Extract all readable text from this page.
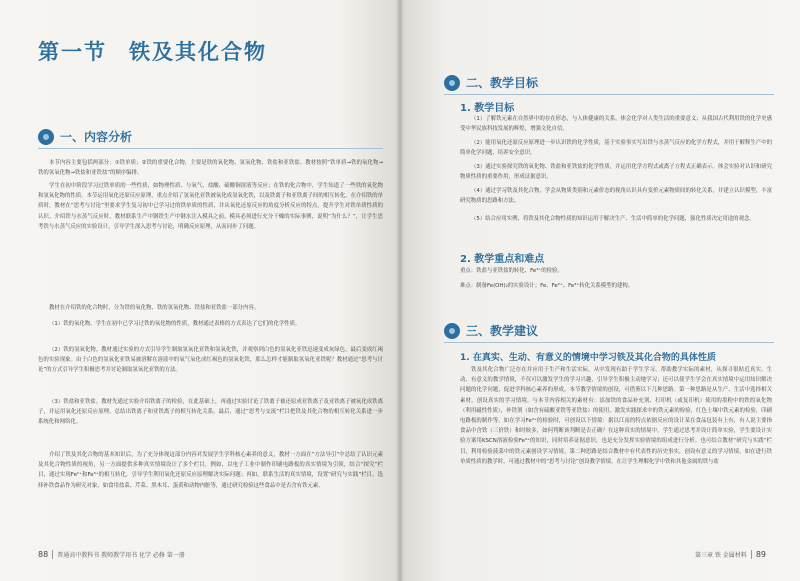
第一节 铁及其化合物
一、内容分析

本节内容主要包括两部分：①铁单质；②铁的重要化合物，主要是铁的氧化物、氢氧化物、铁盐和亚铁盐。教材按照“铁单质→铁的氧化物→铁的氢氧化物→铁盐和亚铁盐”的顺序编排。

学生在初中阶段学习过铁单质的一些性质，如物理性质、与氧气、盐酸、硫酸铜溶液等反应；在铁的化合物中，学生知道了一些铁的氧化物和氢氧化物的性质。本节运用氧化还原反应原理，重点介绍了氢氧化亚铁被氧化成氢氧化铁，以及铁离子和亚铁离子间的相互转化。在介绍铁的单质时，教材在“思考与讨论”里要求学生复习初中已学习过的铁单质的性质，并从氧化还原反应的角度分析反应的特点，提升学生对铁单质性质的认识。介绍铁与水蒸气反应时，教材联系生产中钢铁生产中钢水注入模具之前，模具必须进行充分干燥的实际事例，说明“为什么？”，让学生思考铁与水蒸气反应的实验设计，引导学生深入思考与讨论，明确反应原理，从而同步了问题。

教材在介绍铁的化合物时，分为铁的氧化物、铁的氢氧化物、铁盐和亚铁盐一部分内容。

（1）铁的氧化物。学生在初中已学习过铁的氧化物的性质，教材通过表格的方式表达了它们的化学性质。

（2）铁的氢氧化物。教材通过实验的方式引导学生制取氢氧化亚铁和氢氧化铁，并观察到白色的氢氧化亚铁迅速变成灰绿色，最后变成红褐色的实验现象。由于白色的氢氧化亚铁易被溶解在溶液中的氧气氧化成红褐色的氢氧化铁，那么怎样才能制取氢氧化亚铁呢？教材通过“思考与讨论”的方式引导学生积极思考并讨论制取氢氧化亚铁的方法。

（3）铁盐和亚铁盐。教材先通过实验介绍铁离子的检验，在此基础上，再通过实验讨论了铁离子被还原成亚铁离子及亚铁离子被氧化成铁离子，并运用氧化还原反应原理，总结出铁离子和亚铁离子的相互转化关系。最后，通过“思考与交流”栏目把铁及其化合物的相互转化关系进一步系统化和网络化。

介绍了铁及其化合物的基本知识后，为了充分体现这部分内容对发展学生学科核心素养的意义，教材一方面在“方法导引”中总结了认识元素及其化合物性质的视角，另一方面提供多种真实情境设计了多个栏目，例如，以电子工业中制作印刷电路板的真实情境为引领，结合“探究”栏目，通过实现Fe²⁺和Fe³⁺的相互转化，引导学生利用氧化还原反应原理解决实际问题；再如，联系生活的真实情境，设置“研究与实践”栏目，选择补铁食品作为研究对象，如食用盐菜、芹菜、黑木耳、蛋黄和动物内脏等，通过研究检验这些食品中是否含有铁元素。

88 普通高中教科书 教师教学用书 化学 必修 第一册
二、教学目标
1. 教学目标

（1）了解铁元素在自然界中的存在形态，与人体健康的关系，体会化学对人类生活的重要意义；从我国古代利用铁的化学史感受中华民族科技发展的辉煌，增强文化自信。

（2）能用氧化还原反应原理进一步认识铁的化学性质，基于实验事实写出铁与水蒸气反应的化学方程式，并用于解释生产中的简单化学问题，培养安全意识。

（3）通过实验探究铁的氧化物、铁盐和亚铁盐的化学性质，并运用化学方程式或离子方程式正确表示。体会实验对认识和研究物质性质的重要作用，形成证据意识。

（4）通过学习铁及其化合物，学会从物质类别和元素价态的视角认识具有变价元素物质间的转化关系，并建立认识模型，丰富研究物质的思路和方法。

（5）结合应用实例，将铁及其化合物性质的知识运用于解决生产、生活中简单的化学问题，强化性质决定用途的观念。

2. 教学重点和难点

重点：铁盐与亚铁盐的转化、Fe³⁺的检验。

难点：制备Fe(OH)₂的实验设计；Fe、Fe²⁺、Fe³⁺转化关系模型的建构。

三、教学建议
1. 在真实、生动、有意义的情境中学习铁及其化合物的具体性质

铁及其化合物广泛存在并应用于生产和生活实际，从中发现有助于学生学习、帮助教学实际的素材，从探寻很贴近真实、生动、有意义的教学情境，不仅可以激发学生的学习兴趣，引导学生积极主动地学习；还可以使学生学会在真实情境中运用知识解决问题的化学问题，促进学科核心素养的形成。本节教学情境的创设，可借鉴以下几种思路。第一种思路是从生产、生活中选择相关素材，创设真实的学习情境。与本节内容相关的素材有：添加铁的食品补充剂、打印机（或复印机）使用的墨粉中的铁的氧化物（利用磁性性质），补铁剂（如含有硫酸亚铁等亚铁盐）的使用，激发实践探求中的铁元素的检验，红色土壤中铁元素的检验，印刷电路板的制作等。如在学习Fe³⁺的检验时，可创设以下情境：据以江南的特点依据反应的设计某在食品包装有上有，有人说主要指食品中含铁（三价铁）和时候多，如何判断该判断是否正确？在这种真实的情境中，学生通过思考并设计简单实验，学生要设计实验方案用KSCN溶液检验Fe³⁺的知识，同时培养证据意识，也是充分发挥实验情境的组成进行分析。也可结合教材“研究与实践”栏目，利用检验菠菜中的铁元素创设学习情境。第二种思路是结合教材中有代表性的历史事实，创设有意义的学习情境。如在进行铁单质性质的教学时，可通过教材中的“思考与讨论”创设教学情境，在让学生理解化学中铁和其他金属的铁与盐

第三章 铁 金属材料 89
